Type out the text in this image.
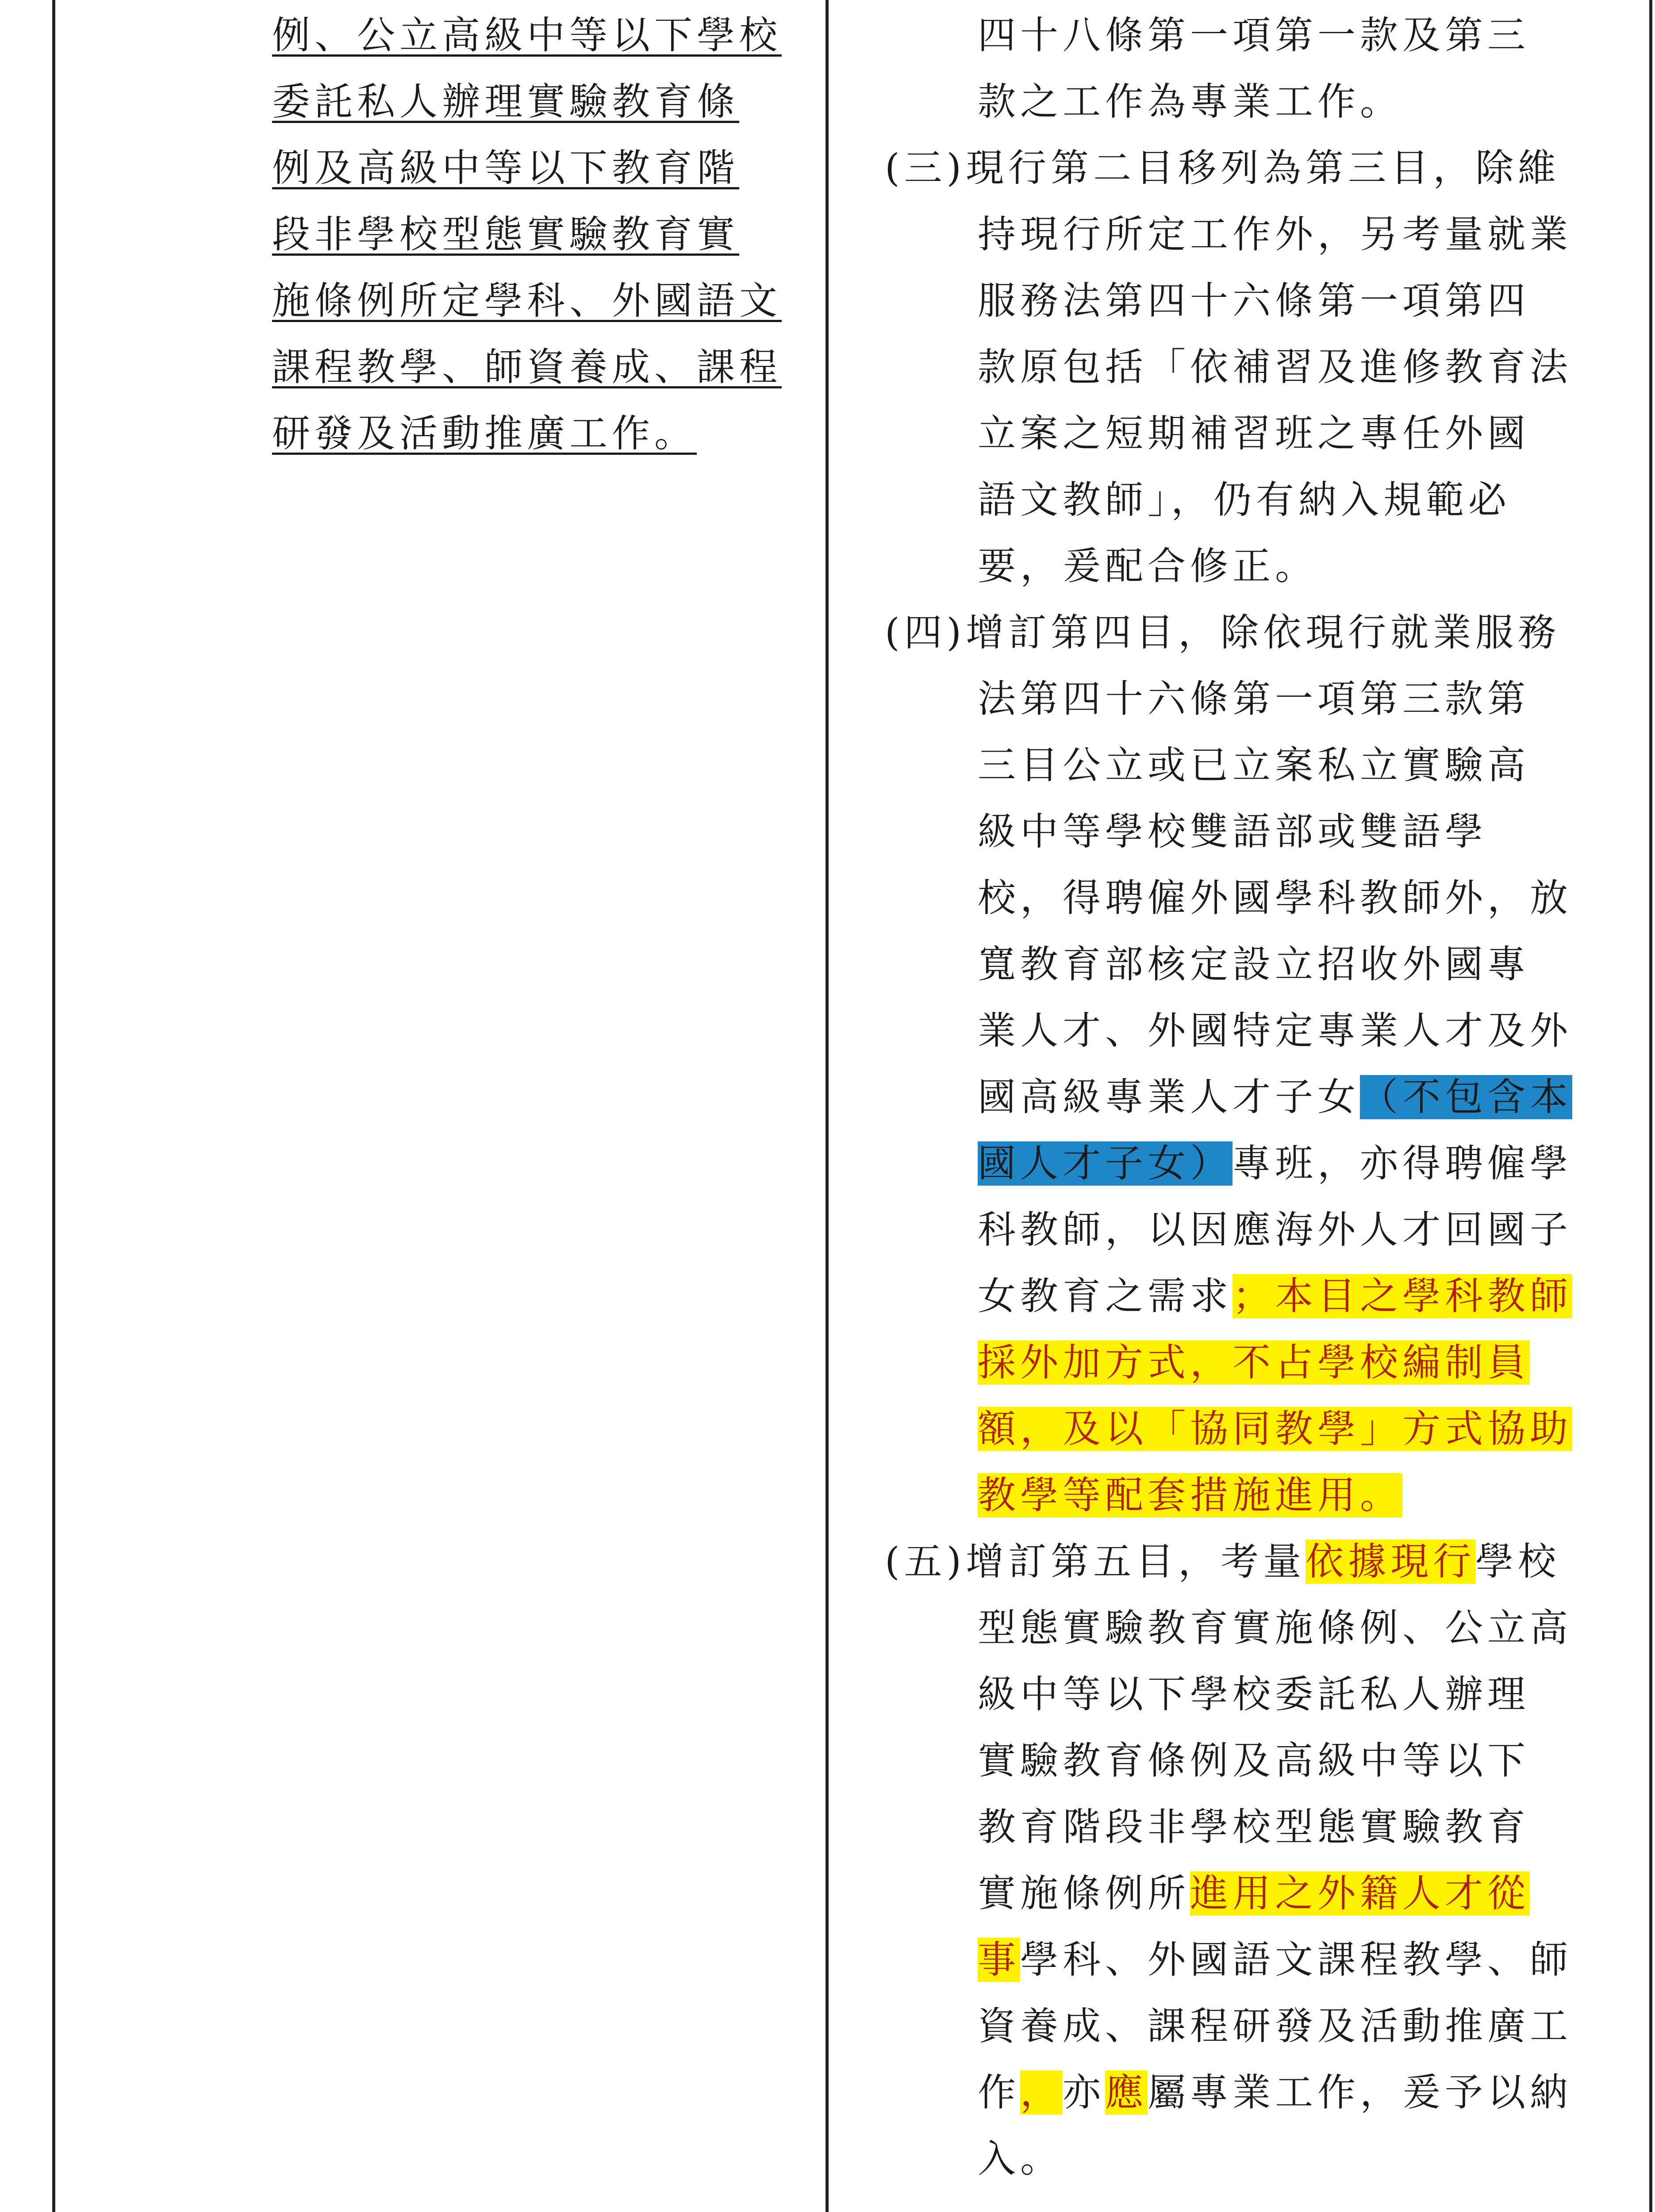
例、公立高級中等以下學校
委託私人辦理實驗教育條
例及高級中等以下教育階
段非學校型態實驗教育實
施條例所定學科、外國語文
課程教學、師資養成、課程
研發及活動推廣工作。
四十八條第一項第一款及第三
款之工作為專業工作。
(三)現行第二目移列為第三目，除維
持現行所定工作外，另考量就業
服務法第四十六條第一項第四
款原包括「依補習及進修教育法
立案之短期補習班之專任外國
語文教師」，仍有納入規範必
要，爰配合修正。
(四)增訂第四目，除依現行就業服務
法第四十六條第一項第三款第
三目公立或已立案私立實驗高
級中等學校雙語部或雙語學
校，得聘僱外國學科教師外，放
寬教育部核定設立招收外國專
業人才、外國特定專業人才及外
國高級專業人才子女（不包含本
國人才子女）專班，亦得聘僱學
科教師，以因應海外人才回國子
女教育之需求；本目之學科教師
採外加方式，不占學校編制員
額，及以「協同教學」方式協助
教學等配套措施進用。
(五)增訂第五目，考量依據現行學校
型態實驗教育實施條例、公立高
級中等以下學校委託私人辦理
實驗教育條例及高級中等以下
教育階段非學校型態實驗教育
實施條例所進用之外籍人才從
事學科、外國語文課程教學、師
資養成、課程研發及活動推廣工
作，亦應屬專業工作，爰予以納
入。
